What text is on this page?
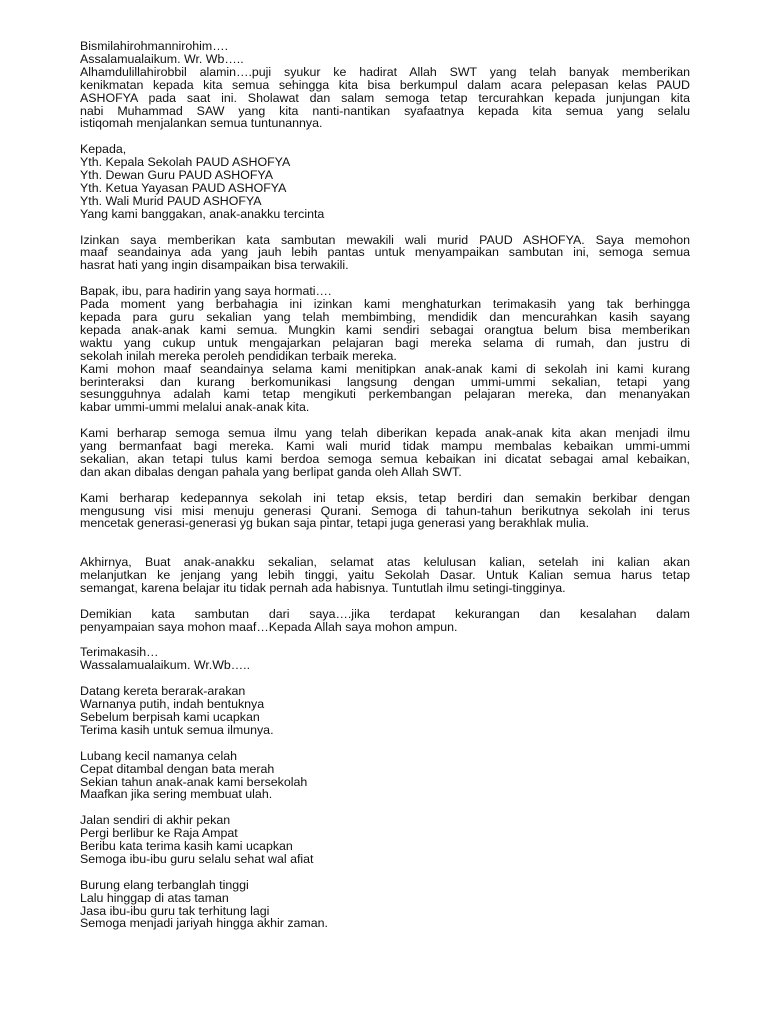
Bismilahirohmannirohim….
Assalamualaikum. Wr. Wb…..
Alhamdulillahirobbil alamin….puji syukur ke hadirat Allah SWT yang telah banyak memberikan
kenikmatan kepada kita semua sehingga kita bisa berkumpul dalam acara pelepasan kelas PAUD
ASHOFYA pada saat ini. Sholawat dan salam semoga tetap tercurahkan kepada junjungan kita
nabi Muhammad SAW yang kita nanti-nantikan syafaatnya kepada kita semua yang selalu
istiqomah menjalankan semua tuntunannya.
Kepada,
Yth. Kepala Sekolah PAUD ASHOFYA
Yth. Dewan Guru PAUD ASHOFYA
Yth. Ketua Yayasan PAUD ASHOFYA
Yth. Wali Murid PAUD ASHOFYA
Yang kami banggakan, anak-anakku tercinta
Izinkan saya memberikan kata sambutan mewakili wali murid PAUD ASHOFYA. Saya memohon
maaf seandainya ada yang jauh lebih pantas untuk menyampaikan sambutan ini, semoga semua
hasrat hati yang ingin disampaikan bisa terwakili.
Bapak, ibu, para hadirin yang saya hormati….
Pada moment yang berbahagia ini izinkan kami menghaturkan terimakasih yang tak berhingga
kepada para guru sekalian yang telah membimbing, mendidik dan mencurahkan kasih sayang
kepada anak-anak kami semua. Mungkin kami sendiri sebagai orangtua belum bisa memberikan
waktu yang cukup untuk mengajarkan pelajaran bagi mereka selama di rumah, dan justru di
sekolah inilah mereka peroleh pendidikan terbaik mereka.
Kami mohon maaf seandainya selama kami menitipkan anak-anak kami di sekolah ini kami kurang
berinteraksi dan kurang berkomunikasi langsung dengan ummi-ummi sekalian, tetapi yang
sesungguhnya adalah kami tetap mengikuti perkembangan pelajaran mereka, dan menanyakan
kabar ummi-ummi melalui anak-anak kita.
Kami berharap semoga semua ilmu yang telah diberikan kepada anak-anak kita akan menjadi ilmu
yang bermanfaat bagi mereka. Kami wali murid tidak mampu membalas kebaikan ummi-ummi
sekalian, akan tetapi tulus kami berdoa semoga semua kebaikan ini dicatat sebagai amal kebaikan,
dan akan dibalas dengan pahala yang berlipat ganda oleh Allah SWT.
Kami berharap kedepannya sekolah ini tetap eksis, tetap berdiri dan semakin berkibar dengan
mengusung visi misi menuju generasi Qurani. Semoga di tahun-tahun berikutnya sekolah ini terus
mencetak generasi-generasi yg bukan saja pintar, tetapi juga generasi yang berakhlak mulia.
Akhirnya, Buat anak-anakku sekalian, selamat atas kelulusan kalian, setelah ini kalian akan
melanjutkan ke jenjang yang lebih tinggi, yaitu Sekolah Dasar. Untuk Kalian semua harus tetap
semangat, karena belajar itu tidak pernah ada habisnya. Tuntutlah ilmu setingi-tingginya.
Demikian kata sambutan dari saya….jika terdapat kekurangan dan kesalahan dalam
penyampaian saya mohon maaf…Kepada Allah saya mohon ampun.
Terimakasih…
Wassalamualaikum. Wr.Wb…..
Datang kereta berarak-arakan
Warnanya putih, indah bentuknya
Sebelum berpisah kami ucapkan
Terima kasih untuk semua ilmunya.
Lubang kecil namanya celah
Cepat ditambal dengan bata merah
Sekian tahun anak-anak kami bersekolah
Maafkan jika sering membuat ulah.
Jalan sendiri di akhir pekan
Pergi berlibur ke Raja Ampat
Beribu kata terima kasih kami ucapkan
Semoga ibu-ibu guru selalu sehat wal afiat
Burung elang terbanglah tinggi
Lalu hinggap di atas taman
Jasa ibu-ibu guru tak terhitung lagi
Semoga menjadi jariyah hingga akhir zaman.
